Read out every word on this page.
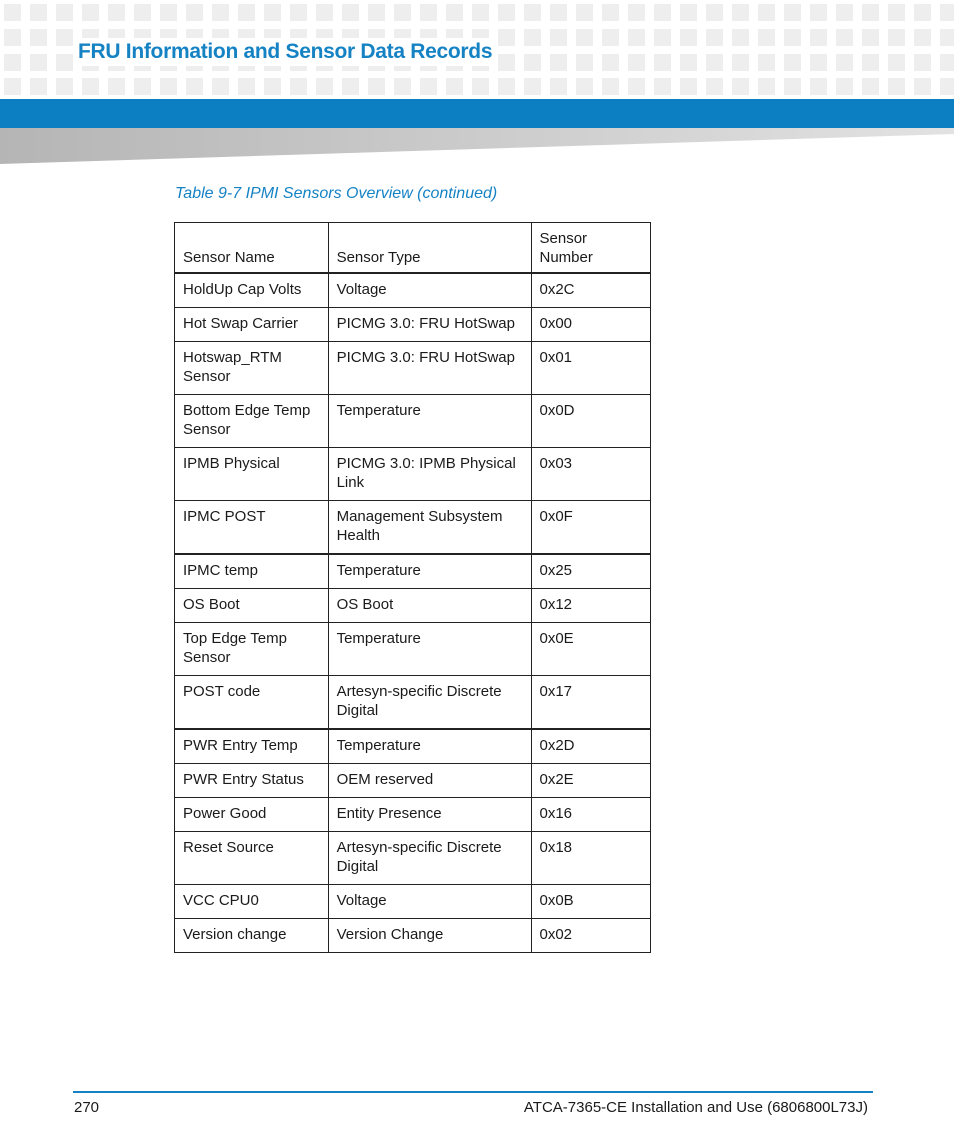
FRU Information and Sensor Data Records
Table 9-7 IPMI Sensors Overview (continued)
Sensor Name	Sensor Type	Sensor Number
HoldUp Cap Volts	Voltage	0x2C
Hot Swap Carrier	PICMG 3.0: FRU HotSwap	0x00
Hotswap_RTM Sensor	PICMG 3.0: FRU HotSwap	0x01
Bottom Edge Temp Sensor	Temperature	0x0D
IPMB Physical	PICMG 3.0: IPMB Physical Link	0x03
IPMC POST	Management Subsystem Health	0x0F
IPMC temp	Temperature	0x25
OS Boot	OS Boot	0x12
Top Edge Temp Sensor	Temperature	0x0E
POST code	Artesyn-specific Discrete Digital	0x17
PWR Entry Temp	Temperature	0x2D
PWR Entry Status	OEM reserved	0x2E
Power Good	Entity Presence	0x16
Reset Source	Artesyn-specific Discrete Digital	0x18
VCC CPU0	Voltage	0x0B
Version change	Version Change	0x02
270	ATCA-7365-CE Installation and Use (6806800L73J)
